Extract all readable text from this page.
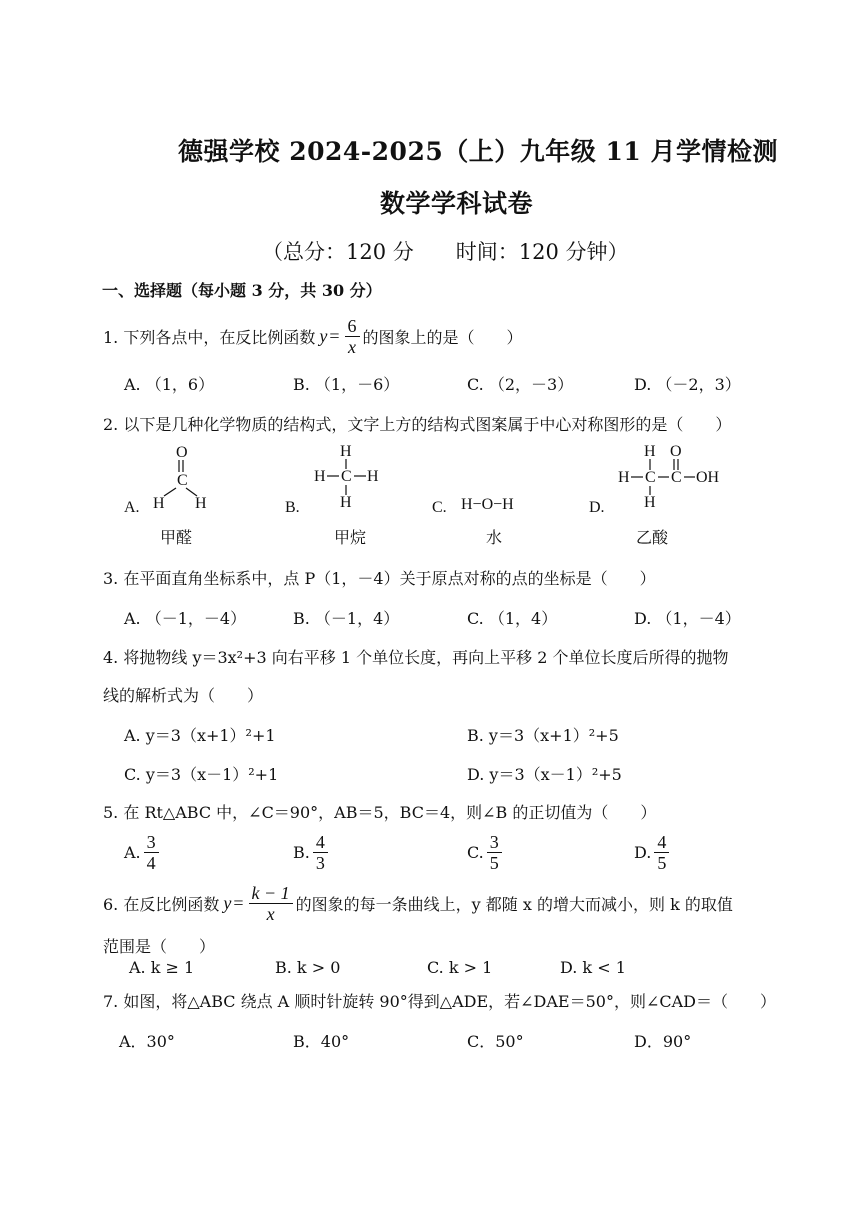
德强学校 2024-2025（上）九年级 11 月学情检测
数学学科试卷
（总分：120 分　　时间：120 分钟）
一、选择题（每小题 3 分，共 30 分）
1. 下列各点中，在反比例函数 $y = \frac{6}{x}$ 的图象上的是（　　）
A. （1，6）	B. （1，－6）	C. （2，－3）	D. （－2，3）
2. 以下是几种化学物质的结构式，文字上方的结构式图案属于中心对称图形的是（　　）
A.
O
C
H H
甲醛
B.
H
H C H
H
甲烷
C. H−O−H
水
D.
H O
H C C OH
H
乙酸
3. 在平面直角坐标系中，点 P（1，－4）关于原点对称的点的坐标是（　　）
A. （－1，－4）	B. （－1，4）	C. （1，4）	D. （1，－4）
4. 将抛物线 y＝3x²+3 向右平移 1 个单位长度，再向上平移 2 个单位长度后所得的抛物
线的解析式为（　　）
A. y＝3（x+1）²+1	B. y＝3（x+1）²+5
C. y＝3（x－1）²+1	D. y＝3（x－1）²+5
5. 在 Rt△ABC 中，∠C＝90°，AB＝5，BC＝4，则∠B 的正切值为（　　）
A. $\frac{3}{4}$	B. $\frac{4}{3}$	C. $\frac{3}{5}$	D. $\frac{4}{5}$
6. 在反比例函数 $y = \frac{k - 1}{x}$ 的图象的每一条曲线上，y 都随 x 的增大而减小，则 k 的取值
范围是（　　）
A. k ≥ 1	B. k > 0	C. k > 1	D. k < 1
7. 如图，将△ABC 绕点 A 顺时针旋转 90°得到△ADE，若∠DAE＝50°，则∠CAD＝（　　）
A．30°	B．40°	C．50°	D．90°
